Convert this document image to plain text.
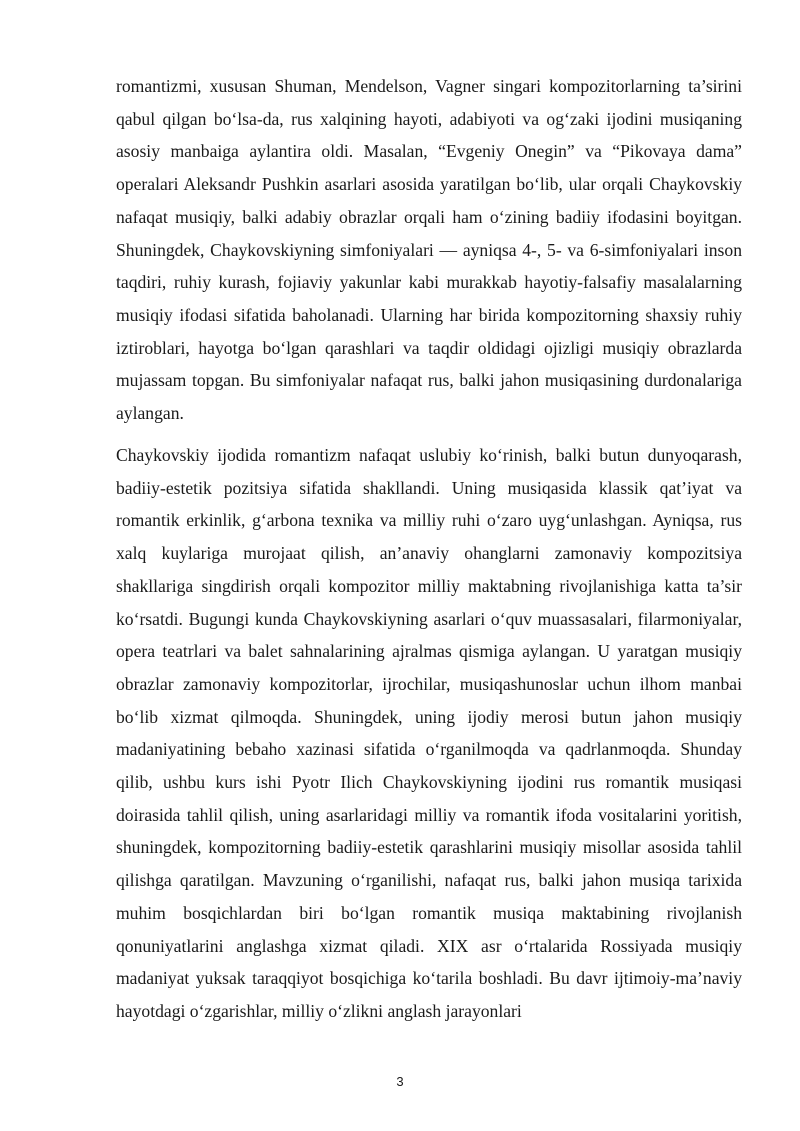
romantizmi, xususan Shuman, Mendelson, Vagner singari kompozitorlarning ta’sirini qabul qilgan bo‘lsa-da, rus xalqining hayoti, adabiyoti va og‘zaki ijodini musiqaning asosiy manbaiga aylantira oldi. Masalan, “Evgeniy Onegin” va “Pikovaya dama” operalari Aleksandr Pushkin asarlari asosida yaratilgan bo‘lib, ular orqali Chaykovskiy nafaqat musiqiy, balki adabiy obrazlar orqali ham o‘zining badiiy ifodasini boyitgan. Shuningdek, Chaykovskiyning simfoniyalari — ayniqsa 4-, 5- va 6-simfoniyalari inson taqdiri, ruhiy kurash, fojiaviy yakunlar kabi murakkab hayotiy-falsafiy masalalarning musiqiy ifodasi sifatida baholanadi. Ularning har birida kompozitorning shaxsiy ruhiy iztiroblari, hayotga bo‘lgan qarashlari va taqdir oldidagi ojizligi musiqiy obrazlarda mujassam topgan. Bu simfoniyalar nafaqat rus, balki jahon musiqasining durdonalariga aylangan.

Chaykovskiy ijodida romantizm nafaqat uslubiy ko‘rinish, balki butun dunyoqarash, badiiy-estetik pozitsiya sifatida shakllandi. Uning musiqasida klassik qat’iyat va romantik erkinlik, g‘arbona texnika va milliy ruhi o‘zaro uyg‘unlashgan. Ayniqsa, rus xalq kuylariga murojaat qilish, an’anaviy ohanglarni zamonaviy kompozitsiya shakllariga singdirish orqali kompozitor milliy maktabning rivojlanishiga katta ta’sir ko‘rsatdi. Bugungi kunda Chaykovskiyning asarlari o‘quv muassasalari, filarmoniyalar, opera teatrlari va balet sahnalarining ajralmas qismiga aylangan. U yaratgan musiqiy obrazlar zamonaviy kompozitorlar, ijrochilar, musiqashunoslar uchun ilhom manbai bo‘lib xizmat qilmoqda. Shuningdek, uning ijodiy merosi butun jahon musiqiy madaniyatining bebaho xazinasi sifatida o‘rganilmoqda va qadrlanmoqda. Shunday qilib, ushbu kurs ishi Pyotr Ilich Chaykovskiyning ijodini rus romantik musiqasi doirasida tahlil qilish, uning asarlaridagi milliy va romantik ifoda vositalarini yoritish, shuningdek, kompozitorning badiiy-estetik qarashlarini musiqiy misollar asosida tahlil qilishga qaratilgan. Mavzuning o‘rganilishi, nafaqat rus, balki jahon musiqa tarixida muhim bosqichlardan biri bo‘lgan romantik musiqa maktabining rivojlanish qonuniyatlarini anglashga xizmat qiladi. XIX asr o‘rtalarida Rossiyada musiqiy madaniyat yuksak taraqqiyot bosqichiga ko‘tarila boshladi. Bu davr ijtimoiy-ma’naviy hayotdagi o‘zgarishlar, milliy o‘zlikni anglash jarayonlari

3
